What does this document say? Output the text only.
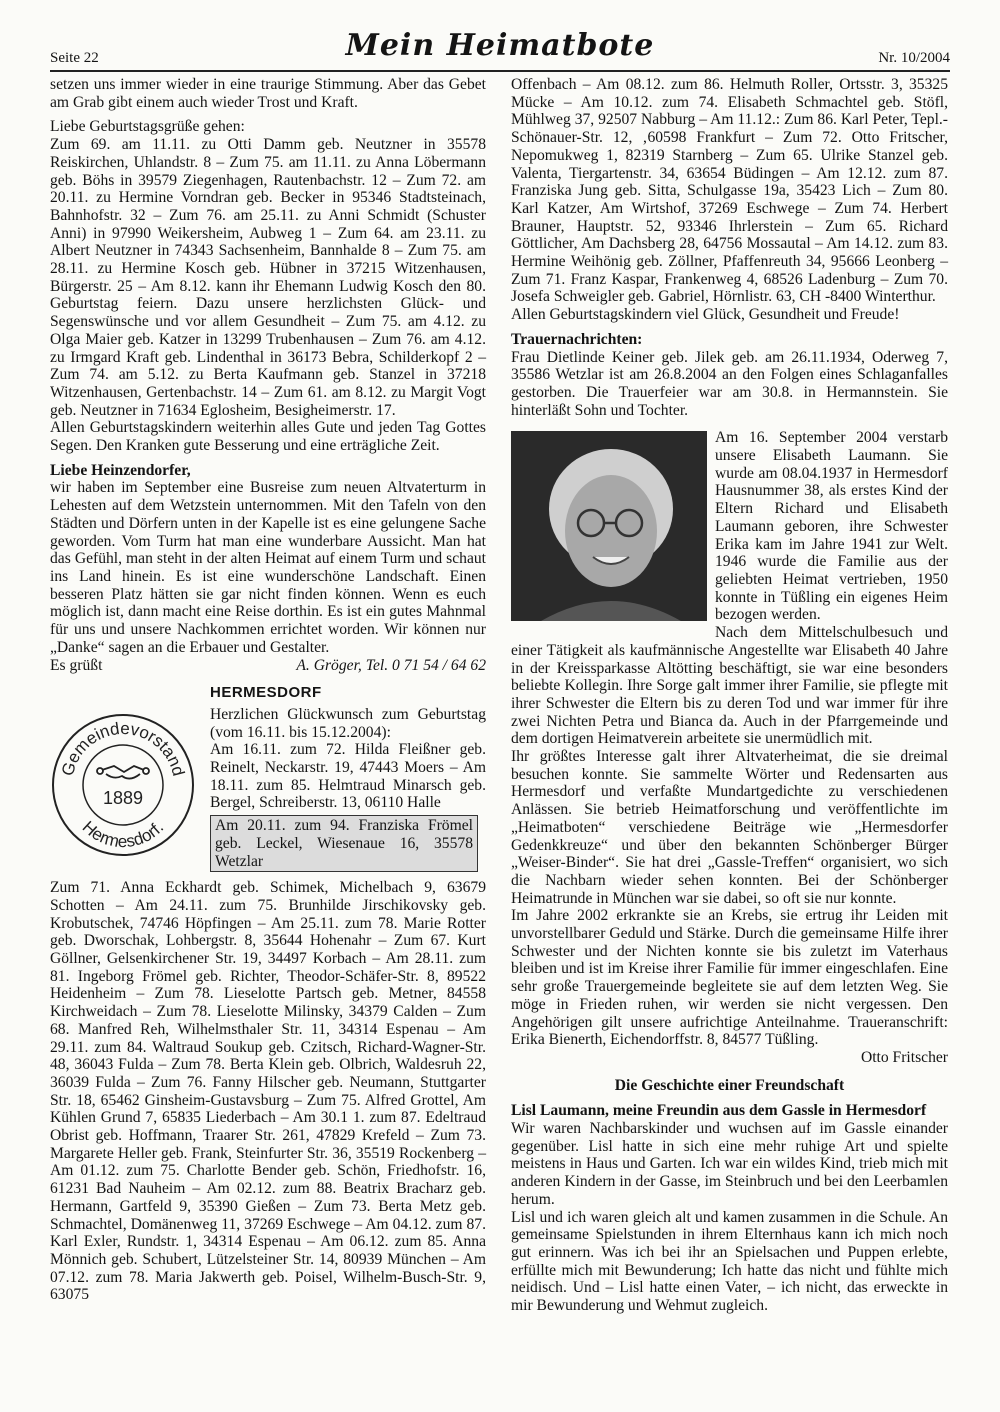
Seite 22	Mein Heimatbote	Nr. 10/2004

setzen uns immer wieder in eine traurige Stimmung. Aber das Gebet am Grab gibt einem auch wieder Trost und Kraft.

Liebe Geburtstagsgrüße gehen:

Zum 69. am 11.11. zu Otti Damm geb. Neutzner in 35578 Reiskirchen, Uhlandstr. 8 – Zum 75. am 11.11. zu Anna Löbermann geb. Böhs in 39579 Ziegenhagen, Rautenbachstr. 12 – Zum 72. am 20.11. zu Hermine Vorndran geb. Becker in 95346 Stadtsteinach, Bahnhofstr. 32 – Zum 76. am 25.11. zu Anni Schmidt (Schuster Anni) in 97990 Weikersheim, Aubweg 1 – Zum 64. am 23.11. zu Albert Neutzner in 74343 Sachsenheim, Bannhalde 8 – Zum 75. am 28.11. zu Hermine Kosch geb. Hübner in 37215 Witzenhausen, Bürgerstr. 25 – Am 8.12. kann ihr Ehemann Ludwig Kosch den 80. Geburtstag feiern. Dazu unsere herzlichsten Glück- und Segenswünsche und vor allem Gesundheit – Zum 75. am 4.12. zu Olga Maier geb. Katzer in 13299 Trubenhausen – Zum 76. am 4.12. zu Irmgard Kraft geb. Lindenthal in 36173 Bebra, Schilderkopf 2 – Zum 74. am 5.12. zu Berta Kaufmann geb. Stanzel in 37218 Witzenhausen, Gertenbachstr. 14 – Zum 61. am 8.12. zu Margit Vogt geb. Neutzner in 71634 Eglosheim, Besigheimerstr. 17.

Allen Geburtstagskindern weiterhin alles Gute und jeden Tag Gottes Segen. Den Kranken gute Besserung und eine erträgliche Zeit.

Liebe Heinzendorfer,

wir haben im September eine Busreise zum neuen Altvaterturm in Lehesten auf dem Wetzstein unternommen. Mit den Tafeln von den Städten und Dörfern unten in der Kapelle ist es eine gelungene Sache geworden. Vom Turm hat man eine wunderbare Aussicht. Man hat das Gefühl, man steht in der alten Heimat auf einem Turm und schaut ins Land hinein. Es ist eine wunderschöne Landschaft. Einen besseren Platz hätten sie gar nicht finden können. Wenn es euch möglich ist, dann macht eine Reise dorthin. Es ist ein gutes Mahnmal für uns und unsere Nachkommen errichtet worden. Wir können nur „Danke“ sagen an die Erbauer und Gestalter.

Es grüßt	A. Gröger, Tel. 0 71 54 / 64 62
Gemeindevorstand
Hermesdorf.
1889
HERMESDORF

Herzlichen Glückwunsch zum Geburtstag (vom 16.11. bis 15.12.2004):

Am 16.11. zum 72. Hilda Fleißner geb. Reinelt, Neckarstr. 19, 47443 Moers – Am 18.11. zum 85. Helmtraud Minarsch geb. Bergel, Schreiberstr. 13, 06110 Halle

Am 20.11. zum 94. Franziska Frömel geb. Leckel, Wiesenaue 16, 35578 Wetzlar

Zum 71. Anna Eckhardt geb. Schimek, Michelbach 9, 63679 Schotten – Am 24.11. zum 75. Brunhilde Jirschikovsky geb. Krobutschek, 74746 Höpfingen – Am 25.11. zum 78. Marie Rotter geb. Dworschak, Lohbergstr. 8, 35644 Hohenahr – Zum 67. Kurt Göllner, Gelsenkirchener Str. 19, 34497 Korbach – Am 28.11. zum 81. Ingeborg Frömel geb. Richter, Theodor-Schäfer-Str. 8, 89522 Heidenheim – Zum 78. Lieselotte Partsch geb. Metner, 84558 Kirchweidach – Zum 78. Lieselotte Milinsky, 34379 Calden – Zum 68. Manfred Reh, Wilhelmsthaler Str. 11, 34314 Espenau – Am 29.11. zum 84. Waltraud Soukup geb. Czitsch, Richard-Wagner-Str. 48, 36043 Fulda – Zum 78. Berta Klein geb. Olbrich, Waldesruh 22, 36039 Fulda – Zum 76. Fanny Hilscher geb. Neumann, Stuttgarter Str. 18, 65462 Ginsheim-Gustavsburg – Zum 75. Alfred Grottel, Am Kühlen Grund 7, 65835 Liederbach – Am 30.1 1. zum 87. Edeltraud Obrist geb. Hoffmann, Traarer Str. 261, 47829 Krefeld – Zum 73. Margarete Heller geb. Frank, Steinfurter Str. 36, 35519 Rockenberg – Am 01.12. zum 75. Charlotte Bender geb. Schön, Friedhofstr. 16, 61231 Bad Nauheim – Am 02.12. zum 88. Beatrix Bracharz geb. Hermann, Gartfeld 9, 35390 Gießen – Zum 73. Berta Metz geb. Schmachtel, Domänenweg 11, 37269 Eschwege – Am 04.12. zum 87. Karl Exler, Rundstr. 1, 34314 Espenau – Am 06.12. zum 85. Anna Mönnich geb. Schubert, Lützelsteiner Str. 14, 80939 München – Am 07.12. zum 78. Maria Jakwerth geb. Poisel, Wilhelm-Busch-Str. 9, 63075

Offenbach – Am 08.12. zum 86. Helmuth Roller, Ortsstr. 3, 35325 Mücke – Am 10.12. zum 74. Elisabeth Schmachtel geb. Stöfl, Mühlweg 37, 92507 Nabburg – Am 11.12.: Zum 86. Karl Peter, Tepl.-Schönauer-Str. 12, ‚60598 Frankfurt – Zum 72. Otto Fritscher, Nepomukweg 1, 82319 Starnberg – Zum 65. Ulrike Stanzel geb. Valenta, Tiergartenstr. 34, 63654 Büdingen – Am 12.12. zum 87. Franziska Jung geb. Sitta, Schulgasse 19a, 35423 Lich – Zum 80. Karl Katzer, Am Wirtshof, 37269 Eschwege – Zum 74. Herbert Brauner, Hauptstr. 52, 93346 Ihrlerstein – Zum 65. Richard Göttlicher, Am Dachsberg 28, 64756 Mossautal – Am 14.12. zum 83. Hermine Weihönig geb. Zöllner, Pfaffenreuth 34, 95666 Leonberg – Zum 71. Franz Kaspar, Frankenweg 4, 68526 Ladenburg – Zum 70. Josefa Schweigler geb. Gabriel, Hörnlistr. 63, CH -8400 Winterthur.

Allen Geburtstagskindern viel Glück, Gesundheit und Freude!

Trauernachrichten:

Frau Dietlinde Keiner geb. Jilek geb. am 26.11.1934, Oderweg 7, 35586 Wetzlar ist am 26.8.2004 an den Folgen eines Schlaganfalles gestorben. Die Trauerfeier war am 30.8. in Hermannstein. Sie hinterläßt Sohn und Tochter.

Am 16. September 2004 verstarb unsere Elisabeth Laumann. Sie wurde am 08.04.1937 in Hermesdorf Hausnummer 38, als erstes Kind der Eltern Richard und Elisabeth Laumann geboren, ihre Schwester Erika kam im Jahre 1941 zur Welt. 1946 wurde die Familie aus der geliebten Heimat vertrieben, 1950 konnte in Tüßling ein eigenes Heim bezogen werden.

Nach dem Mittelschulbesuch und einer Tätigkeit als kaufmännische Angestellte war Elisabeth 40 Jahre in der Kreissparkasse Altötting beschäftigt, sie war eine besonders beliebte Kollegin. Ihre Sorge galt immer ihrer Familie, sie pflegte mit ihrer Schwester die Eltern bis zu deren Tod und war immer für ihre zwei Nichten Petra und Bianca da. Auch in der Pfarrgemeinde und dem dortigen Heimatverein arbeitete sie unermüdlich mit.

Ihr größtes Interesse galt ihrer Altvaterheimat, die sie dreimal besuchen konnte. Sie sammelte Wörter und Redensarten aus Hermesdorf und verfaßte Mundartgedichte zu verschiedenen Anlässen. Sie betrieb Heimatforschung und veröffentlichte im „Heimatboten“ verschiedene Beiträge wie „Hermesdorfer Gedenkkreuze“ und über den bekannten Schönberger Bürger „Weiser-Binder“. Sie hat drei „Gassle-Treffen“ organisiert, wo sich die Nachbarn wieder sehen konnten. Bei der Schönberger Heimatrunde in München war sie dabei, so oft sie nur konnte.

Im Jahre 2002 erkrankte sie an Krebs, sie ertrug ihr Leiden mit unvorstellbarer Geduld und Stärke. Durch die gemeinsame Hilfe ihrer Schwester und der Nichten konnte sie bis zuletzt im Vaterhaus bleiben und ist im Kreise ihrer Familie für immer eingeschlafen. Eine sehr große Trauergemeinde begleitete sie auf dem letzten Weg. Sie möge in Frieden ruhen, wir werden sie nicht vergessen. Den Angehörigen gilt unsere aufrichtige Anteilnahme. Traueranschrift: Erika Bienerth, Eichendorffstr. 8, 84577 Tüßling.

Otto Fritscher

Die Geschichte einer Freundschaft

Lisl Laumann, meine Freundin aus dem Gassle in Hermesdorf

Wir waren Nachbarskinder und wuchsen auf im Gassle einander gegenüber. Lisl hatte in sich eine mehr ruhige Art und spielte meistens in Haus und Garten. Ich war ein wildes Kind, trieb mich mit anderen Kindern in der Gasse, im Steinbruch und bei den Leerbamlen herum.

Lisl und ich waren gleich alt und kamen zusammen in die Schule. An gemeinsame Spielstunden in ihrem Elternhaus kann ich mich noch gut erinnern. Was ich bei ihr an Spielsachen und Puppen erlebte, erfüllte mich mit Bewunderung; Ich hatte das nicht und fühlte mich neidisch. Und – Lisl hatte einen Vater, – ich nicht, das erweckte in mir Bewunderung und Wehmut zugleich.
